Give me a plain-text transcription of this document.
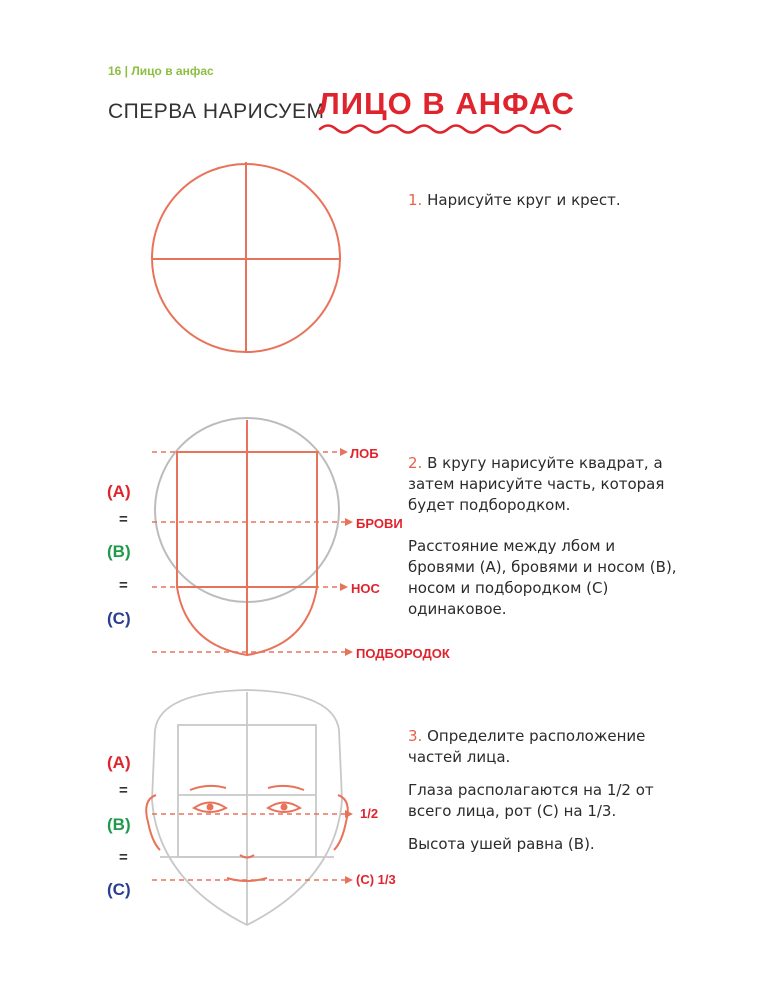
16 | Лицо в анфас
СПЕРВА НАРИСУЕМ
ЛИЦО В АНФАС
ЛОБ
БРОВИ
НОС
ПОДБОРОДОК
(A)
=
(B)
=
(C)
1/2
(C) 1/3
(A)
=
(B)
=
(C)

1. Нарисуйте круг и крест.

2. В кругу нарисуйте квадрат, а затем нарисуйте часть, которая будет подбородком.

Расстояние между лбом и бровями (A), бровями и носом (B), носом и подбородком (C) одинаковое.

3. Определите расположение частей лица.

Глаза располагаются на 1/2 от всего лица, рот (C) на 1/3.

Высота ушей равна (B).
